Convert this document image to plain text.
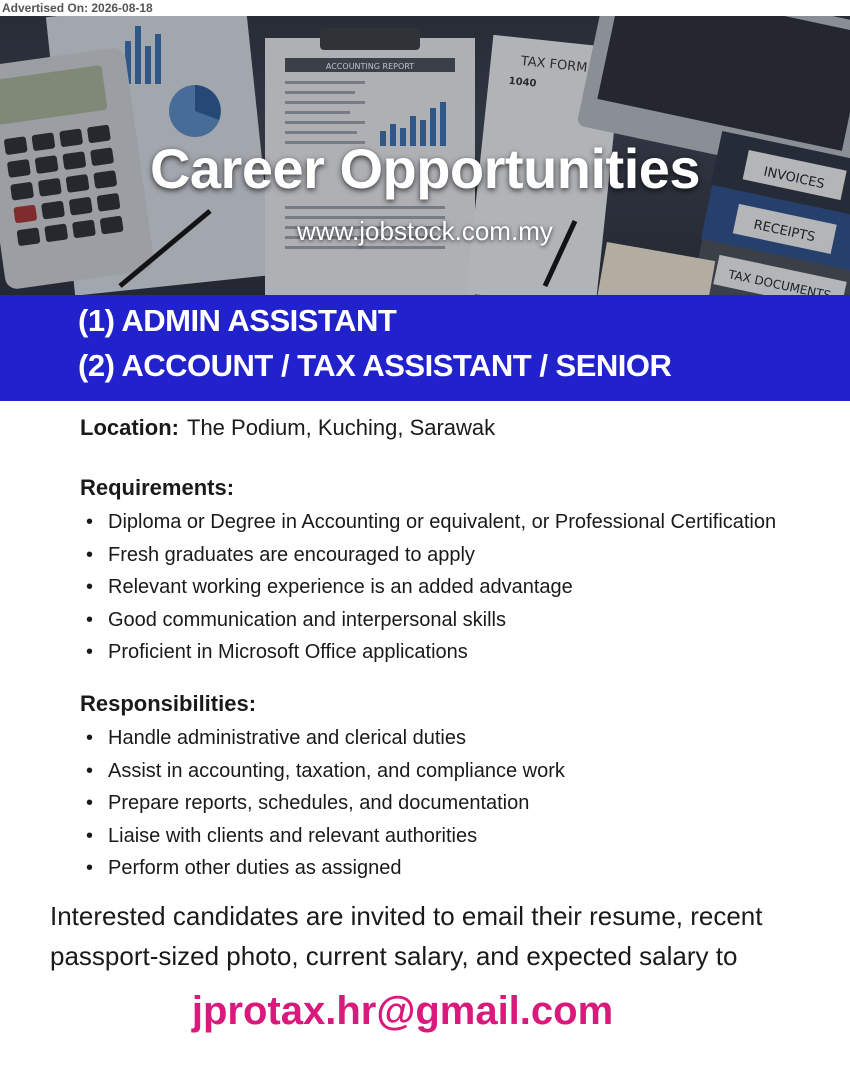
Advertised On: 2026-08-18
Career Opportunities
www.jobstock.com.my
(1) ADMIN ASSISTANT
(2) ACCOUNT / TAX ASSISTANT / SENIOR
Location: The Podium, Kuching, Sarawak
Requirements:
• Diploma or Degree in Accounting or equivalent, or Professional Certification
• Fresh graduates are encouraged to apply
• Relevant working experience is an added advantage
• Good communication and interpersonal skills
• Proficient in Microsoft Office applications
Responsibilities:
• Handle administrative and clerical duties
• Assist in accounting, taxation, and compliance work
• Prepare reports, schedules, and documentation
• Liaise with clients and relevant authorities
• Perform other duties as assigned
Interested candidates are invited to email their resume, recent passport-sized photo, current salary, and expected salary to
jprotax.hr@gmail.com
